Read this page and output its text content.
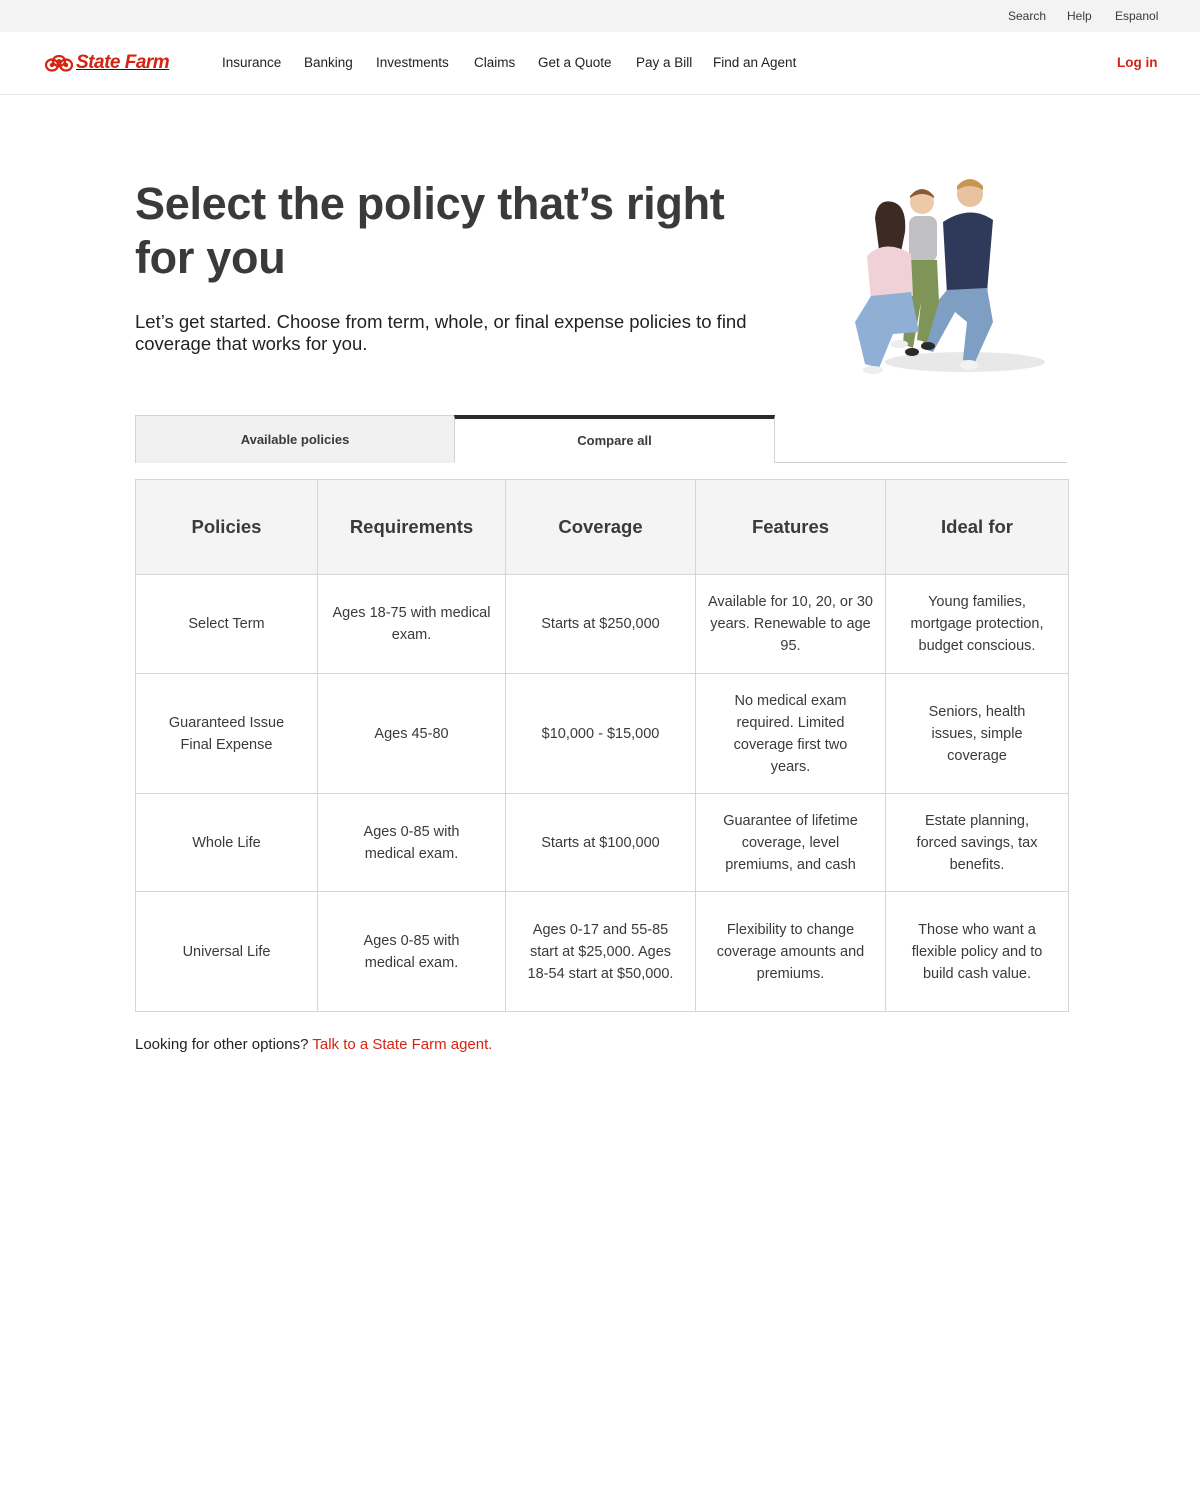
Search Help Espanol
State Farm	Insurance Banking Investments Claims Get a Quote Pay a Bill Find an Agent	Log in
Select the policy that’s right for you

Let’s get started. Choose from term, whole, or final expense policies to find coverage that works for you.

Available policies	Compare all
Policies	Requirements	Coverage	Features	Ideal for
Select Term	Ages 18-75 with medical exam.	Starts at $250,000	Available for 10, 20, or 30 years. Renewable to age 95.	Young families, mortgage protection, budget conscious.
Guaranteed Issue Final Expense	Ages 45-80	$10,000 - $15,000	No medical exam required. Limited coverage first two years.	Seniors, health issues, simple coverage
Whole Life	Ages 0-85 with medical exam.	Starts at $100,000	Guarantee of lifetime coverage, level premiums, and cash	Estate planning, forced savings, tax benefits.
Universal Life	Ages 0-85 with medical exam.	Ages 0-17 and 55-85 start at $25,000. Ages 18-54 start at $50,000.	Flexibility to change coverage amounts and premiums.	Those who want a flexible policy and to build cash value.

Looking for other options? Talk to a State Farm agent.
